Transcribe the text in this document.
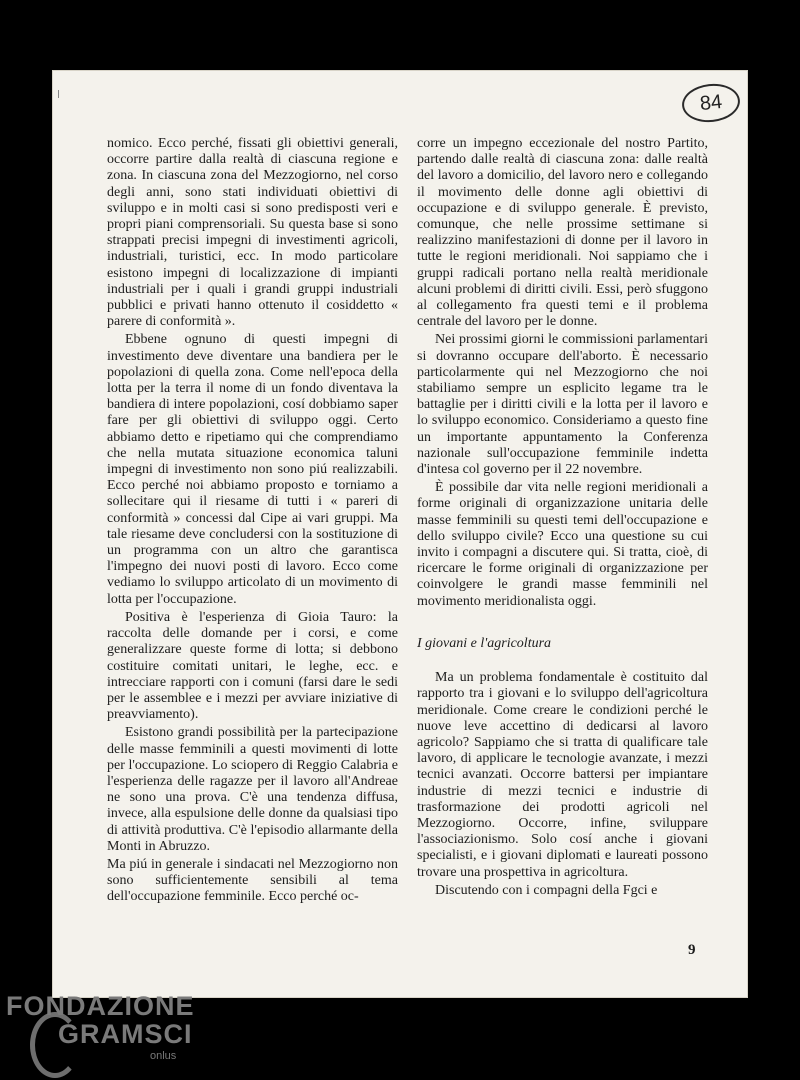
84

nomico. Ecco perché, fissati gli obiettivi generali, occorre partire dalla realtà di ciascuna regione e zona. In ciascuna zona del Mezzogiorno, nel corso degli anni, sono stati individuati obiettivi di sviluppo e in molti casi si sono predisposti veri e propri piani comprensoriali. Su questa base si sono strappati precisi impegni di investimenti agricoli, industriali, turistici, ecc. In modo particolare esistono impegni di localizzazione di impianti industriali per i quali i grandi gruppi industriali pubblici e privati hanno ottenuto il cosiddetto « parere di conformità ».

Ebbene ognuno di questi impegni di investimento deve diventare una bandiera per le popolazioni di quella zona. Come nell'epoca della lotta per la terra il nome di un fondo diventava la bandiera di intere popolazioni, cosí dobbiamo saper fare per gli obiettivi di sviluppo oggi. Certo abbiamo detto e ripetiamo qui che comprendiamo che nella mutata situazione economica taluni impegni di investimento non sono piú realizzabili. Ecco perché noi abbiamo proposto e torniamo a sollecitare qui il riesame di tutti i « pareri di conformità » concessi dal Cipe ai vari gruppi. Ma tale riesame deve concludersi con la sostituzione di un programma con un altro che garantisca l'impegno dei nuovi posti di lavoro. Ecco come vediamo lo sviluppo articolato di un movimento di lotta per l'occupazione.

Positiva è l'esperienza di Gioia Tauro: la raccolta delle domande per i corsi, e come generalizzare queste forme di lotta; si debbono costituire comitati unitari, le leghe, ecc. e intrecciare rapporti con i comuni (farsi dare le sedi per le assemblee e i mezzi per avviare iniziative di preavviamento).

Esistono grandi possibilità per la partecipazione delle masse femminili a questi movimenti di lotte per l'occupazione. Lo sciopero di Reggio Calabria e l'esperienza delle ragazze per il lavoro all'Andreae ne sono una prova. C'è una tendenza diffusa, invece, alla espulsione delle donne da qualsiasi tipo di attività produttiva. C'è l'episodio allarmante della Monti in Abruzzo.

Ma piú in generale i sindacati nel Mezzogiorno non sono sufficientemente sensibili al tema dell'occupazione femminile. Ecco perché oc-

corre un impegno eccezionale del nostro Partito, partendo dalle realtà di ciascuna zona: dalle realtà del lavoro a domicilio, del lavoro nero e collegando il movimento delle donne agli obiettivi di occupazione e di sviluppo generale. È previsto, comunque, che nelle prossime settimane si realizzino manifestazioni di donne per il lavoro in tutte le regioni meridionali. Noi sappiamo che i gruppi radicali portano nella realtà meridionale alcuni problemi di diritti civili. Essi, però sfuggono al collegamento fra questi temi e il problema centrale del lavoro per le donne.

Nei prossimi giorni le commissioni parlamentari si dovranno occupare dell'aborto. È necessario particolarmente qui nel Mezzogiorno che noi stabiliamo sempre un esplicito legame tra le battaglie per i diritti civili e la lotta per il lavoro e lo sviluppo economico. Consideriamo a questo fine un importante appuntamento la Conferenza nazionale sull'occupazione femminile indetta d'intesa col governo per il 22 novembre.

È possibile dar vita nelle regioni meridionali a forme originali di organizzazione unitaria delle masse femminili su questi temi dell'occupazione e dello sviluppo civile? Ecco una questione su cui invito i compagni a discutere qui. Si tratta, cioè, di ricercare le forme originali di organizzazione per coinvolgere le grandi masse femminili nel movimento meridionalista oggi.

I giovani e l'agricoltura

Ma un problema fondamentale è costituito dal rapporto tra i giovani e lo sviluppo dell'agricoltura meridionale. Come creare le condizioni perché le nuove leve accettino di dedicarsi al lavoro agricolo? Sappiamo che si tratta di qualificare tale lavoro, di applicare le tecnologie avanzate, i mezzi tecnici avanzati. Occorre battersi per impiantare industrie di mezzi tecnici e industrie di trasformazione dei prodotti agricoli nel Mezzogiorno. Occorre, infine, sviluppare l'associazionismo. Solo cosí anche i giovani specialisti, e i giovani diplomati e laureati possono trovare una prospettiva in agricoltura.

Discutendo con i compagni della Fgci e

9
FONDAZIONE
GRAMSCI
onlus
